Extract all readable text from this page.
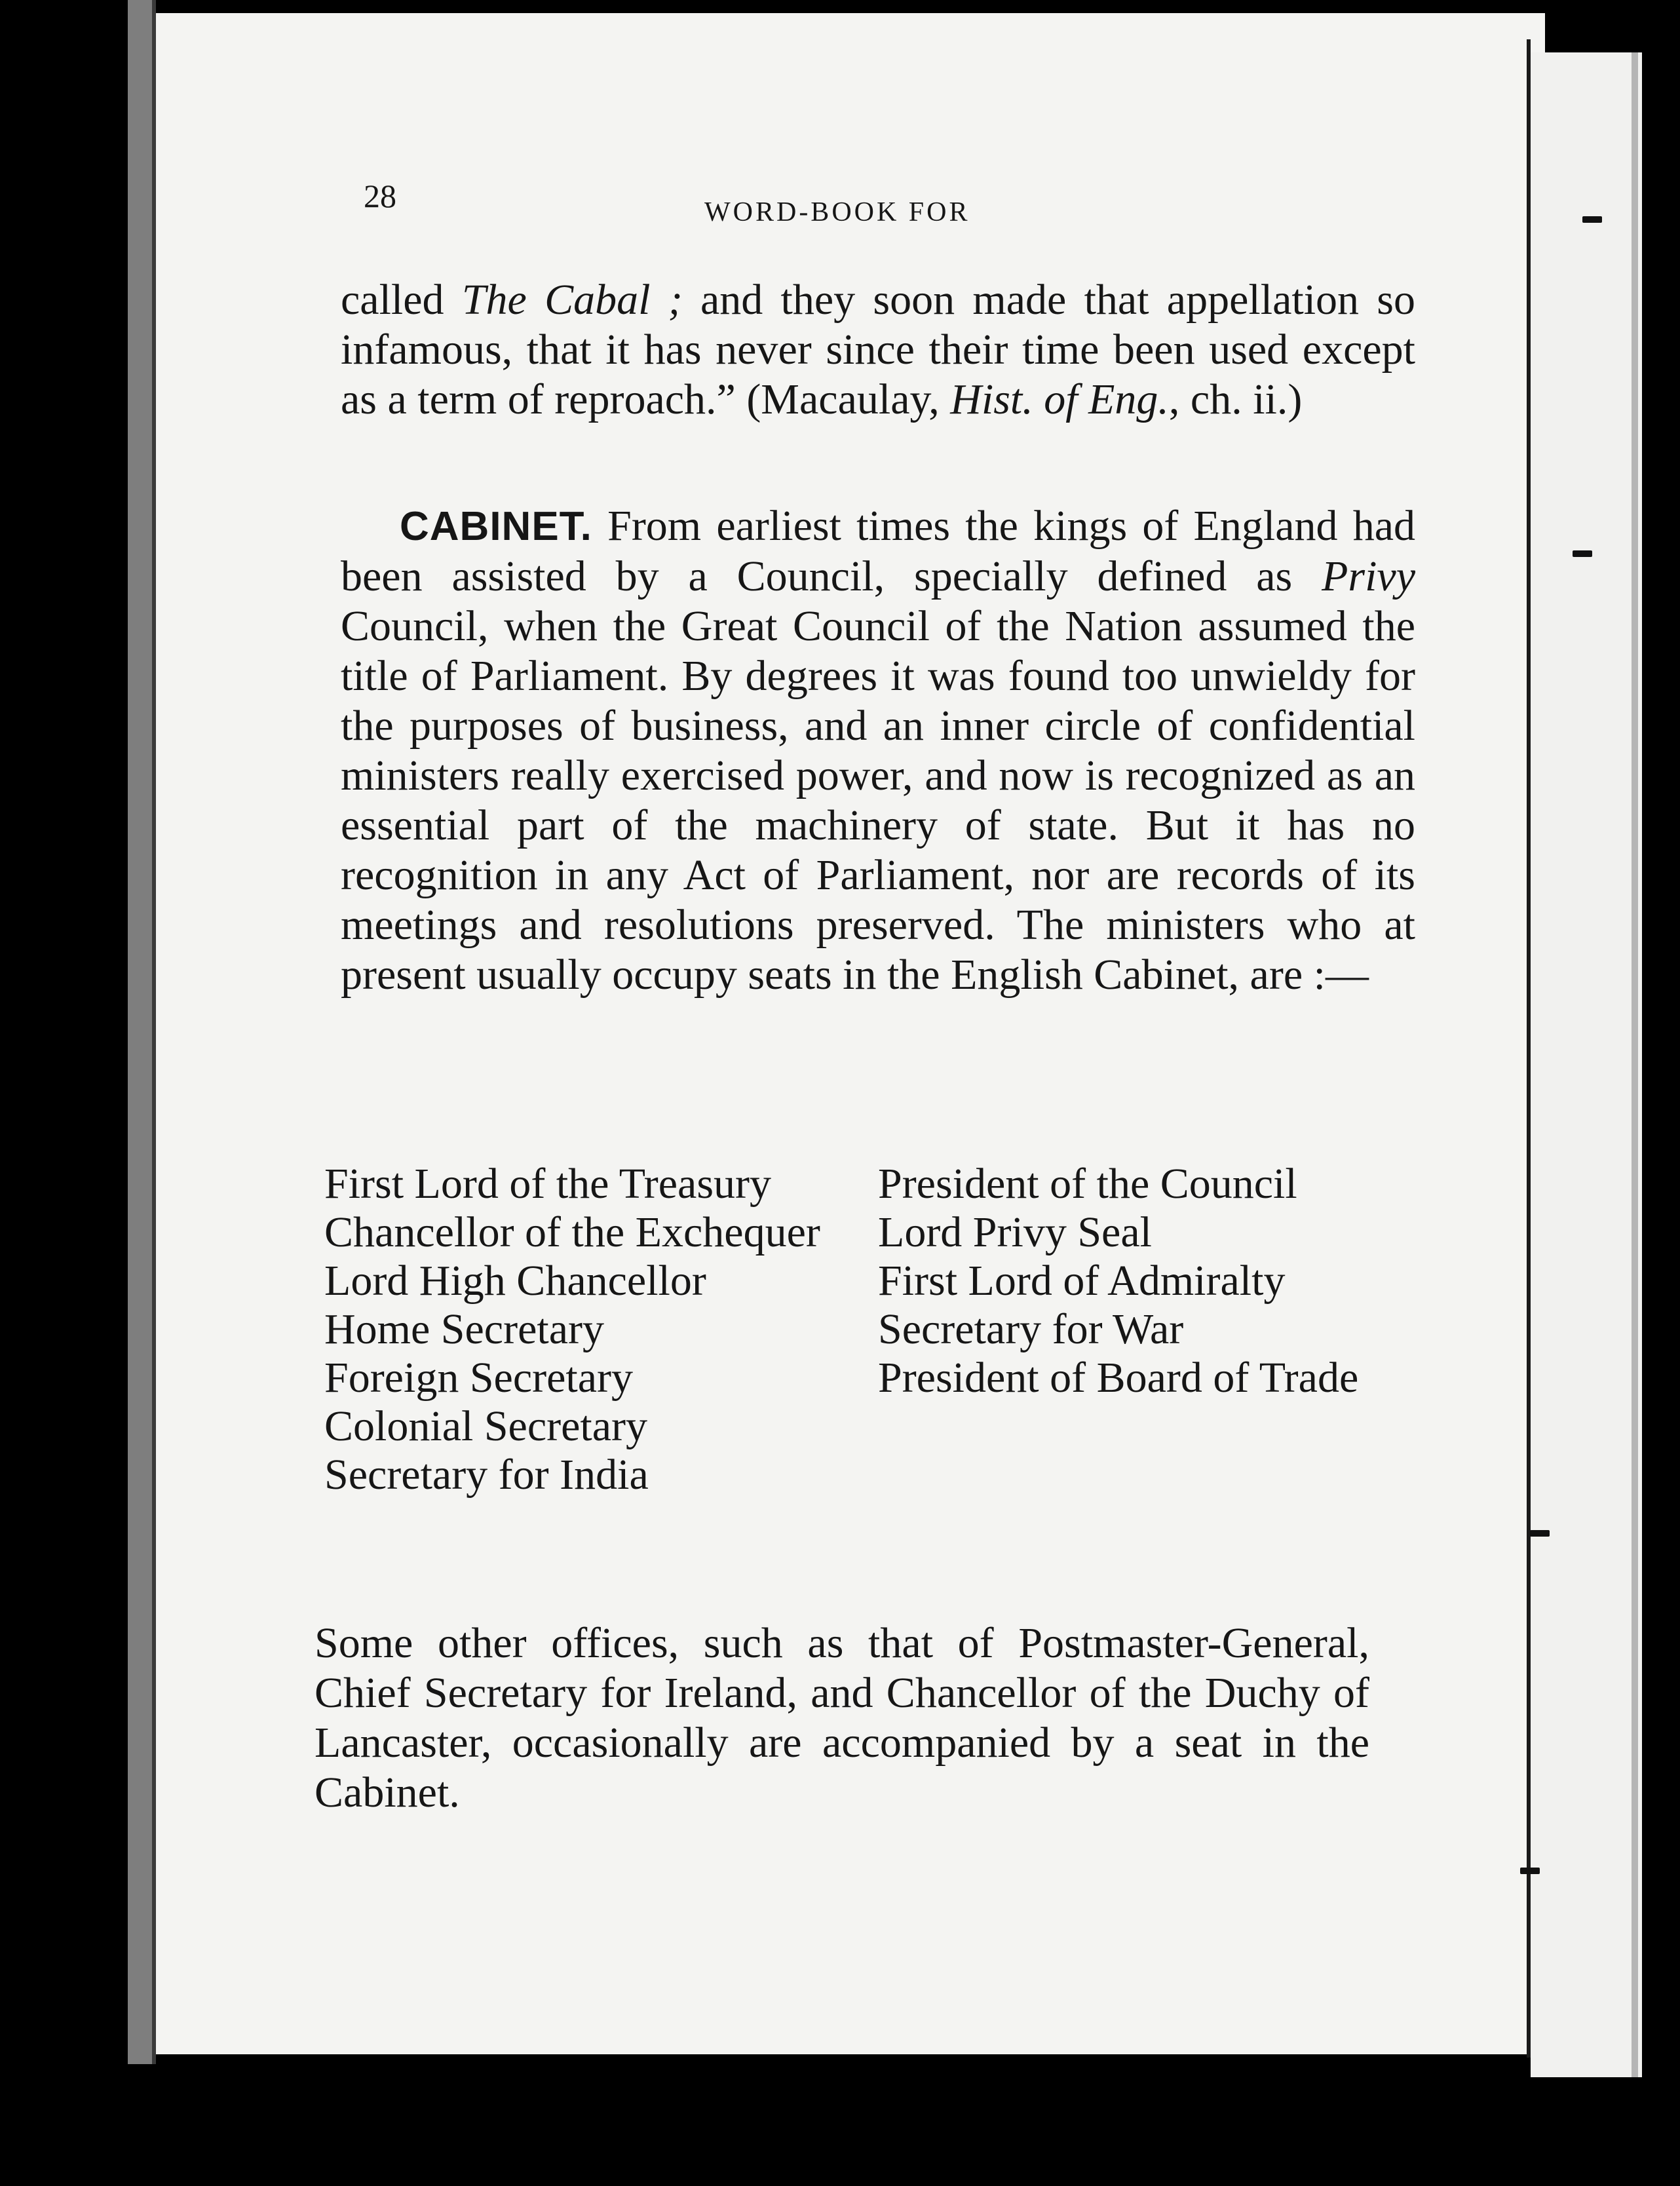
28	WORD-BOOK FOR

called The Cabal ; and they soon made that appellation so infamous, that it has never since their time been used except as a term of reproach.” (Macaulay, Hist. of Eng., ch. ii.)

CABINET. From earliest times the kings of England had been assisted by a Council, specially defined as Privy Council, when the Great Council of the Nation assumed the title of Parliament. By degrees it was found too unwieldy for the purposes of business, and an inner circle of confidential ministers really exercised power, and now is recognized as an essential part of the machinery of state. But it has no recognition in any Act of Parliament, nor are records of its meetings and resolutions preserved. The ministers who at present usually occupy seats in the English Cabinet, are :—

First Lord of the Treasury
Chancellor of the Exchequer
Lord High Chancellor
Home Secretary
Foreign Secretary
Colonial Secretary
Secretary for India
President of the Council
Lord Privy Seal
First Lord of Admiralty
Secretary for War
President of Board of Trade

Some other offices, such as that of Postmaster-General, Chief Secretary for Ireland, and Chancellor of the Duchy of Lancaster, occasionally are accompanied by a seat in the Cabinet.
